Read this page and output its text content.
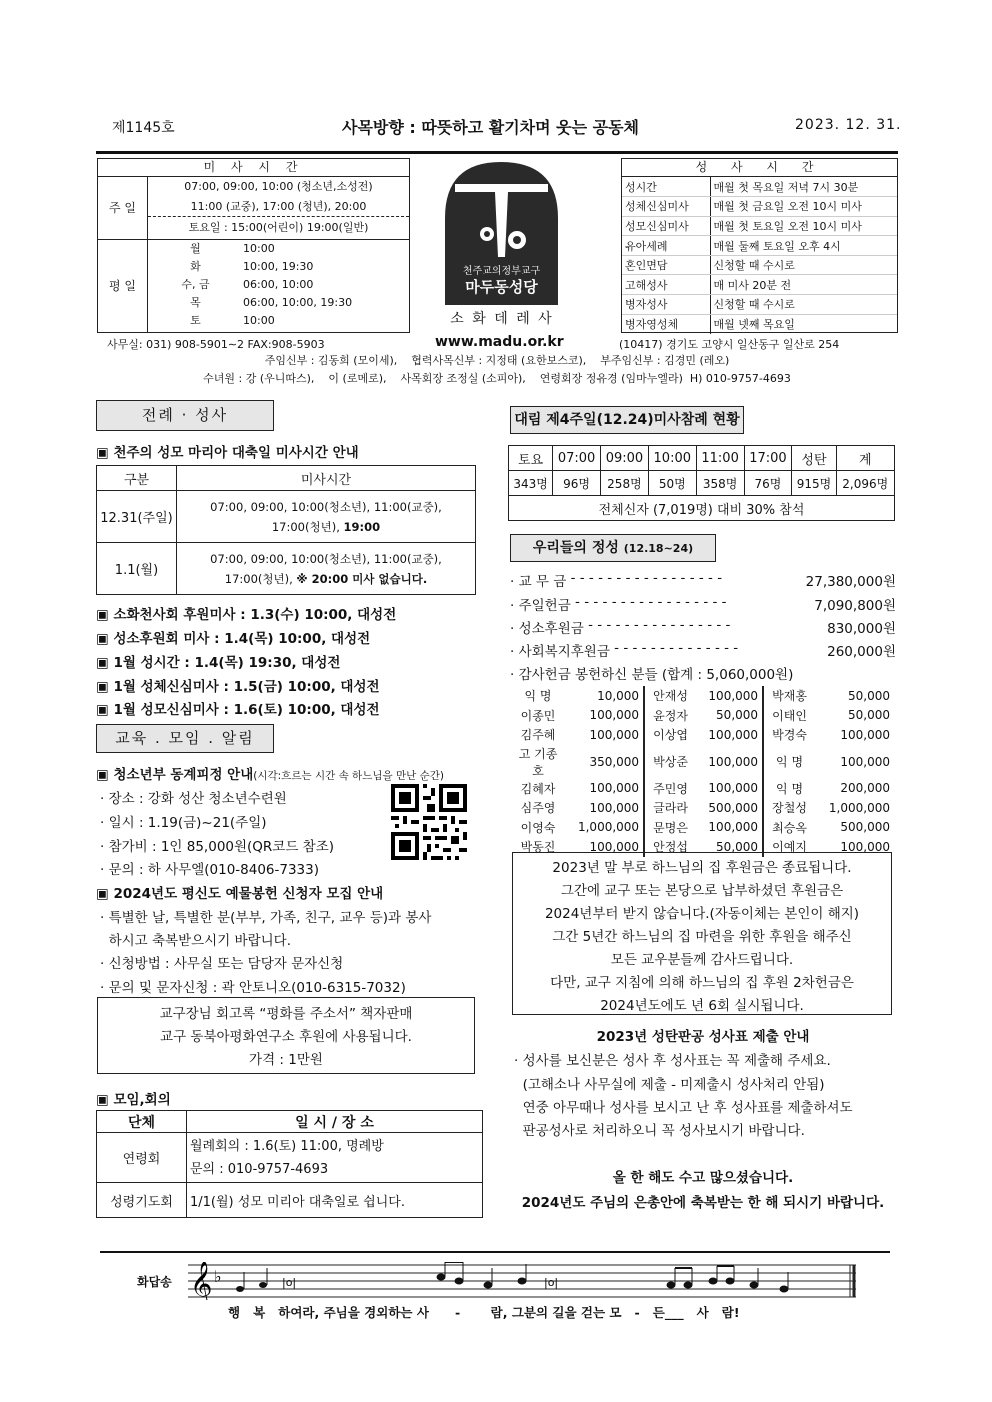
제1145호	사목방향 : 따뜻하고 활기차며 웃는 공동체	2023. 12. 31.
미 사 시 간
주 일
07:00, 09:00, 10:00 (청소년,소성전)
11:00 (교중), 17:00 (청년), 20:00
토요일 : 15:00(어린이) 19:00(일반)
평 일
월	10:00
화	10:00, 19:30
수, 금	06:00, 10:00
목	06:00, 10:00, 19:30
토	10:00
천주교의정부교구
마두동성당
소 화 데 레 사
성 사 시 간
성시간	매월 첫 목요일 저녁 7시 30분
성체신심미사	매월 첫 금요일 오전 10시 미사
성모신심미사	매월 첫 토요일 오전 10시 미사
유아세례	매월 둘째 토요일 오후 4시
혼인면담	신청할 때 수시로
고해성사	매 미사 20분 전
병자성사	신청할 때 수시로
병자영성체	매월 넷째 목요일
사무실: 031) 908-5901∼2 FAX:908-5903	www.madu.or.kr	(10417) 경기도 고양시 일산동구 일산로 254
주임신부 : 김동희 (모이세),    협력사목신부 : 지정태 (요한보스코),    부주임신부 : 김경민 (레오)
수녀원 : 강 (우니따스),    이 (로메로),    사목회장 조정실 (소피아),    연령회장 정유경 (임마누엘라)  H) 010-9757-4693
전례 · 성사
▣ 천주의 성모 마리아 대축일 미사시간 안내
구분	미사시간
12.31(주일)	07:00, 09:00, 10:00(청소년), 11:00(교중),
17:00(청년), 19:00

1.1(월)	07:00, 09:00, 10:00(청소년), 11:00(교중),
17:00(청년), ※ 20:00 미사 없습니다.
▣ 소화천사회 후원미사 : 1.3(수) 10:00, 대성전
▣ 성소후원회 미사 : 1.4(목) 10:00, 대성전
▣ 1월 성시간 : 1.4(목) 19:30, 대성전
▣ 1월 성체신심미사 : 1.5(금) 10:00, 대성전
▣ 1월 성모신심미사 : 1.6(토) 10:00, 대성전
교육 . 모임 . 알림
▣ 청소년부 동계피정 안내(시각:흐르는 시간 속 하느님을 만난 순간)
· 장소 : 강화 성산 청소년수련원
· 일시 : 1.19(금)~21(주일)
· 참가비 : 1인 85,000원(QR코드 참조)
· 문의 : 하 사무엘(010-8406-7333)
▣ 2024년도 평신도 예물봉헌 신청자 모집 안내
· 특별한 날, 특별한 분(부부, 가족, 친구, 교우 등)과 봉사
하시고 축복받으시기 바랍니다.
· 신청방법 : 사무실 또는 담당자 문자신청
· 문의 및 문자신청 : 곽 안토니오(010-6315-7032)
교구장님 회고록 “평화를 주소서” 책자판매
교구 동북아평화연구소 후원에 사용됩니다.
가격 : 1만원
▣ 모임,회의
단체	일 시 / 장 소
연령회	월례회의 : 1.6(토) 11:00, 명례방
문의 : 010-9757-4693

성령기도회	1/1(월) 성모 미리아 대축일로 쉽니다.
대림 제4주일(12.24)미사참례 현황
토요	07:00	09:00	10:00	11:00	17:00	성탄	계
343명	96명	258명	50명	358명	76명	915명	2,096명
전체신자 (7,019명) 대비 30% 참석							
우리들의 정성 (12.18~24)
· 교 무 금 - - - - - - - - - - - - - - - - -	27,380,000원
· 주일헌금 - - - - - - - - - - - - - - - - -	7,090,800원
· 성소후원금 - - - - - - - - - - - - - - - -	830,000원
· 사회복지후원금 - - - - - - - - - - - - - -	260,000원
· 감사헌금 봉헌하신 분들 (합계 : 5,060,000원)
익 명	10,000	안재성	100,000	박재홍	50,000
이종민	100,000	윤정자	50,000	이태인	50,000
김주혜	100,000	이상엽	100,000	박경숙	100,000
고 기종호	350,000	박상준	100,000	익 명	100,000
김혜자	100,000	주민영	100,000	익 명	200,000
심주영	100,000	글라라	500,000	장철성	1,000,000
이영숙	1,000,000	문명은	100,000	최승옥	500,000
박동진	100,000	안정섭	50,000	이예지	100,000
2023년 말 부로 하느님의 집 후원금은 종료됩니다.
그간에 교구 또는 본당으로 납부하셨던 후원금은
2024년부터 받지 않습니다.(자동이체는 본인이 해지)
그간 5년간 하느님의 집 마련을 위한 후원을 해주신
모든 교우분들께 감사드립니다.
다만, 교구 지침에 의해 하느님의 집 후원 2차헌금은
2024년도에도 년 6회 실시됩니다.
2023년 성탄판공 성사표 제출 안내
· 성사를 보신분은 성사 후 성사표는 꼭 제출해 주세요.
(고해소나 사무실에 제출 - 미제출시 성사처리 안됨)
연중 아무때나 성사를 보시고 난 후 성사표를 제출하셔도
판공성사로 처리하오니 꼭 성사보시기 바랍니다.
올 한 해도 수고 많으셨습니다.
2024년도 주님의 은총안에 축복받는 한 해 되시기 바랍니다.
화답송 𝄞 ♭	|o|	|o|
행   복   하여라, 주님을 경외하는 사      -       람, 그분의 길을 걷는 모   -   든___   사   람!
